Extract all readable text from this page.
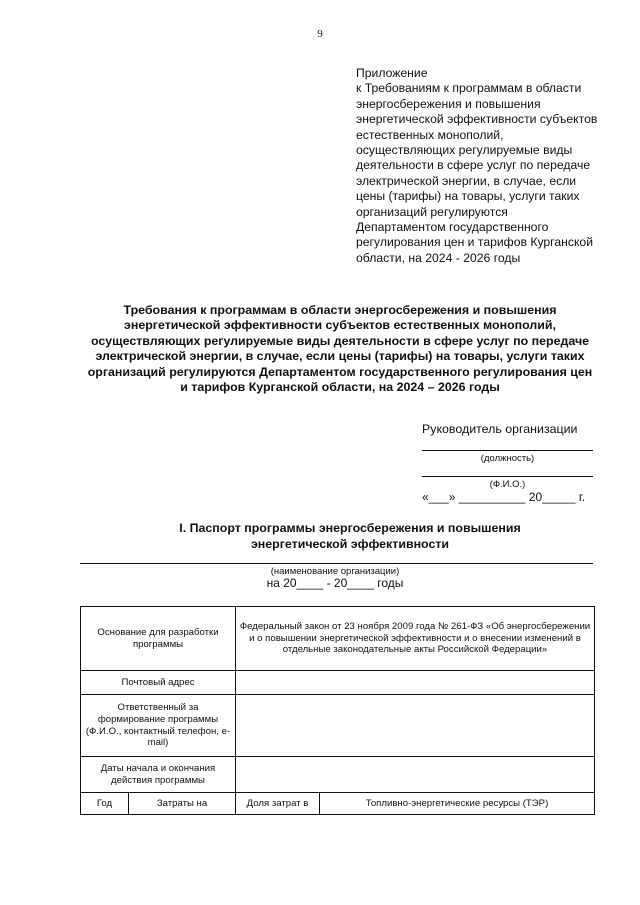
9
Приложение
к Требованиям к программам в области
энергосбережения и повышения
энергетической эффективности субъектов
естественных монополий,
осуществляющих регулируемые виды
деятельности в сфере услуг по передаче
электрической энергии, в случае, если
цены (тарифы) на товары, услуги таких
организаций регулируются
Департаментом государственного
регулирования цен и тарифов Курганской
области, на 2024 - 2026 годы
Требования к программам в области энергосбережения и повышения
энергетической эффективности субъектов естественных монополий,
осуществляющих регулируемые виды деятельности в сфере услуг по передаче
электрической энергии, в случае, если цены (тарифы) на товары, услуги таких
организаций регулируются Департаментом государственного регулирования цен
и тарифов Курганской области, на 2024 – 2026 годы
Руководитель организации
(должность)
(Ф.И.О.)
«___» __________ 20_____ г.
I. Паспорт программы энергосбережения и повышения
энергетической эффективности
(наименование организации)
на 20____ - 20____ годы
Основание для разработки программы		Федеральный закон от 23 ноября 2009 года № 261-ФЗ «Об энергосбережении и о повышении энергетической эффективности и о внесении изменений в отдельные законодательные акты Российской Федерации»	
Почтовый адрес			
Ответственный за формирование программы (Ф.И.О., контактный телефон, e-mail)			
Даты начала и окончания действия программы			
Год	Затраты на	Доля затрат в	Топливно-энергетические ресурсы (ТЭР)
